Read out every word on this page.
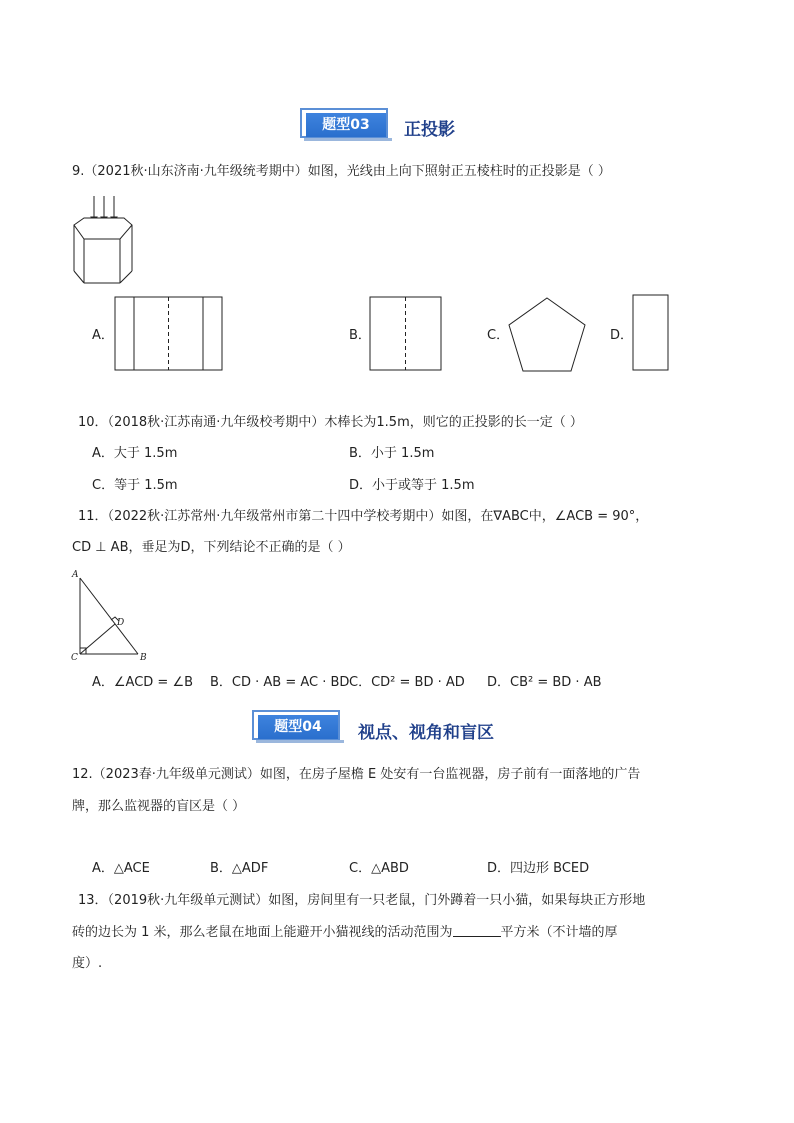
题型03	正投影
9.（2021秋·山东济南·九年级统考期中）如图，光线由上向下照射正五棱柱时的正投影是（ ）
A．	B．	C．	D．
10．（2018秋·江苏南通·九年级校考期中）木棒长为1.5m，则它的正投影的长一定（ ）
A．大于 1.5m	B．小于 1.5m
C．等于 1.5m	D．小于或等于 1.5m
11．（2022秋·江苏常州·九年级常州市第二十四中学校考期中）如图，在∇ABC中，∠ACB = 90°，
CD ⊥ AB，垂足为D，下列结论不正确的是（ ）
A
D
C	B
A．∠ACD = ∠B B．CD · AB = AC · BD C．CD² = BD · AD D．CB² = BD · AB
题型04	视点、视角和盲区
12.（2023春·九年级单元测试）如图，在房子屋檐 E 处安有一台监视器，房子前有一面落地的广告
牌，那么监视器的盲区是（ ）
A．△ACE	B．△ADF	C．△ABD	D．四边形 BCED
13．（2019秋·九年级单元测试）如图，房间里有一只老鼠，门外蹲着一只小猫，如果每块正方形地
砖的边长为 1 米，那么老鼠在地面上能避开小猫视线的活动范围为	平方米（不计墙的厚
度）.
